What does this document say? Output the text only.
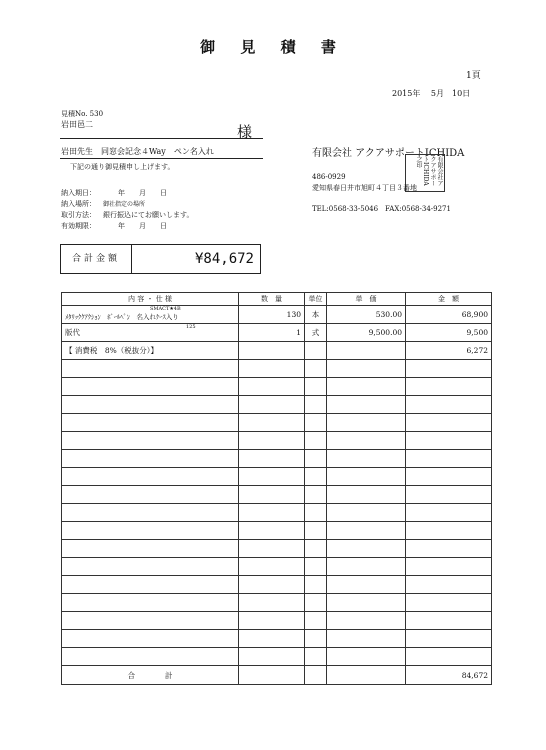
御 見 積 書
1頁
2015年　 5月　10日
見積No. 530
岩田邑二	様
岩田先生　同窓会記念４Way　ペン名入れ
下記の通り御見積申し上げます。
有限会社 アクアサポートICHIDA
有限会社アクアサポートICHIDA之印
486-0929
愛知県春日井市旭町４丁目３番地
TEL:0568-33-5046　FAX:0568-34-9271
納入期日：	年　　月　　日
納入場所： 御社指定の場所
取引方法： 銀行振込にてお願いします。
有効期限：	年　　月　　日
合計金額	¥84,672
内 容 ・ 仕 様	数　量	単位	単　価	金　額

SMACT★4B
ﾒﾀﾘｯｸｸｱｸｼｮﾝ　ﾎﾞｰﾙﾍﾟﾝ　名入れｹｰｽ入り	130	本	530.00	68,900

125
版代	1	式	9,500.00	9,500
【 消費税　8%（税抜分）】				6,272

合　　　　計				84,672
